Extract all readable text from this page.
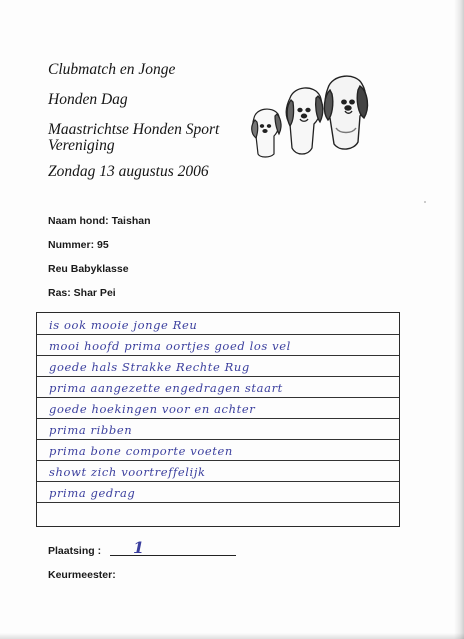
Clubmatch en Jonge
Honden Dag
Maastrichtse Honden Sport
Vereniging
Zondag 13 augustus 2006
Naam hond: Taishan
Nummer: 95
Reu Babyklasse
Ras: Shar Pei
is ook mooie jonge Reu
mooi hoofd prima oortjes goed los vel
goede hals Strakke Rechte Rug
prima aangezette engedragen staart
goede hoekingen voor en achter
prima ribben
prima bone comporte voeten
showt zich voortreffelijk
prima gedrag
Plaatsing : 1
Keurmeester:
